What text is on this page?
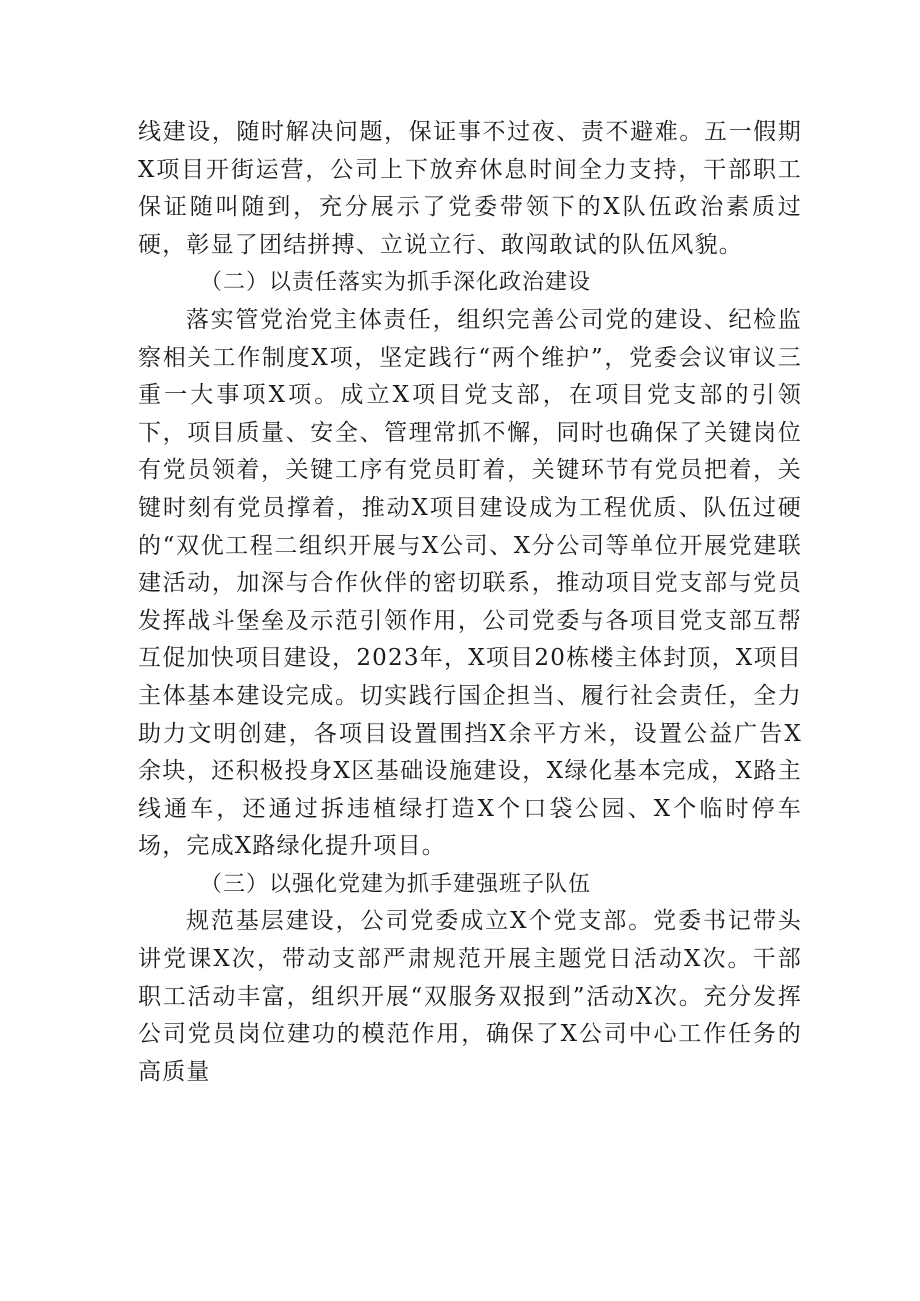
线建设，随时解决问题，保证事不过夜、责不避难。五一假期X项目开街运营，公司上下放弃休息时间全力支持，干部职工保证随叫随到，充分展示了党委带领下的X队伍政治素质过硬，彰显了团结拼搏、立说立行、敢闯敢试的队伍风貌。

（二）以责任落实为抓手深化政治建设

落实管党治党主体责任，组织完善公司党的建设、纪检监察相关工作制度X项，坚定践行“两个维护”，党委会议审议三重一大事项X项。成立X项目党支部，在项目党支部的引领下，项目质量、安全、管理常抓不懈，同时也确保了关键岗位有党员领着，关键工序有党员盯着，关键环节有党员把着，关键时刻有党员撑着，推动X项目建设成为工程优质、队伍过硬的“双优工程二组织开展与X公司、X分公司等单位开展党建联建活动，加深与合作伙伴的密切联系，推动项目党支部与党员发挥战斗堡垒及示范引领作用，公司党委与各项目党支部互帮互促加快项目建设，2023年，X项目20栋楼主体封顶，X项目主体基本建设完成。切实践行国企担当、履行社会责任，全力助力文明创建，各项目设置围挡X余平方米，设置公益广告X余块，还积极投身X区基础设施建设，X绿化基本完成，X路主线通车，还通过拆违植绿打造X个口袋公园、X个临时停车场，完成X路绿化提升项目。

（三）以强化党建为抓手建强班子队伍

规范基层建设，公司党委成立X个党支部。党委书记带头讲党课X次，带动支部严肃规范开展主题党日活动X次。干部职工活动丰富，组织开展“双服务双报到”活动X次。充分发挥公司党员岗位建功的模范作用，确保了X公司中心工作任务的高质量
